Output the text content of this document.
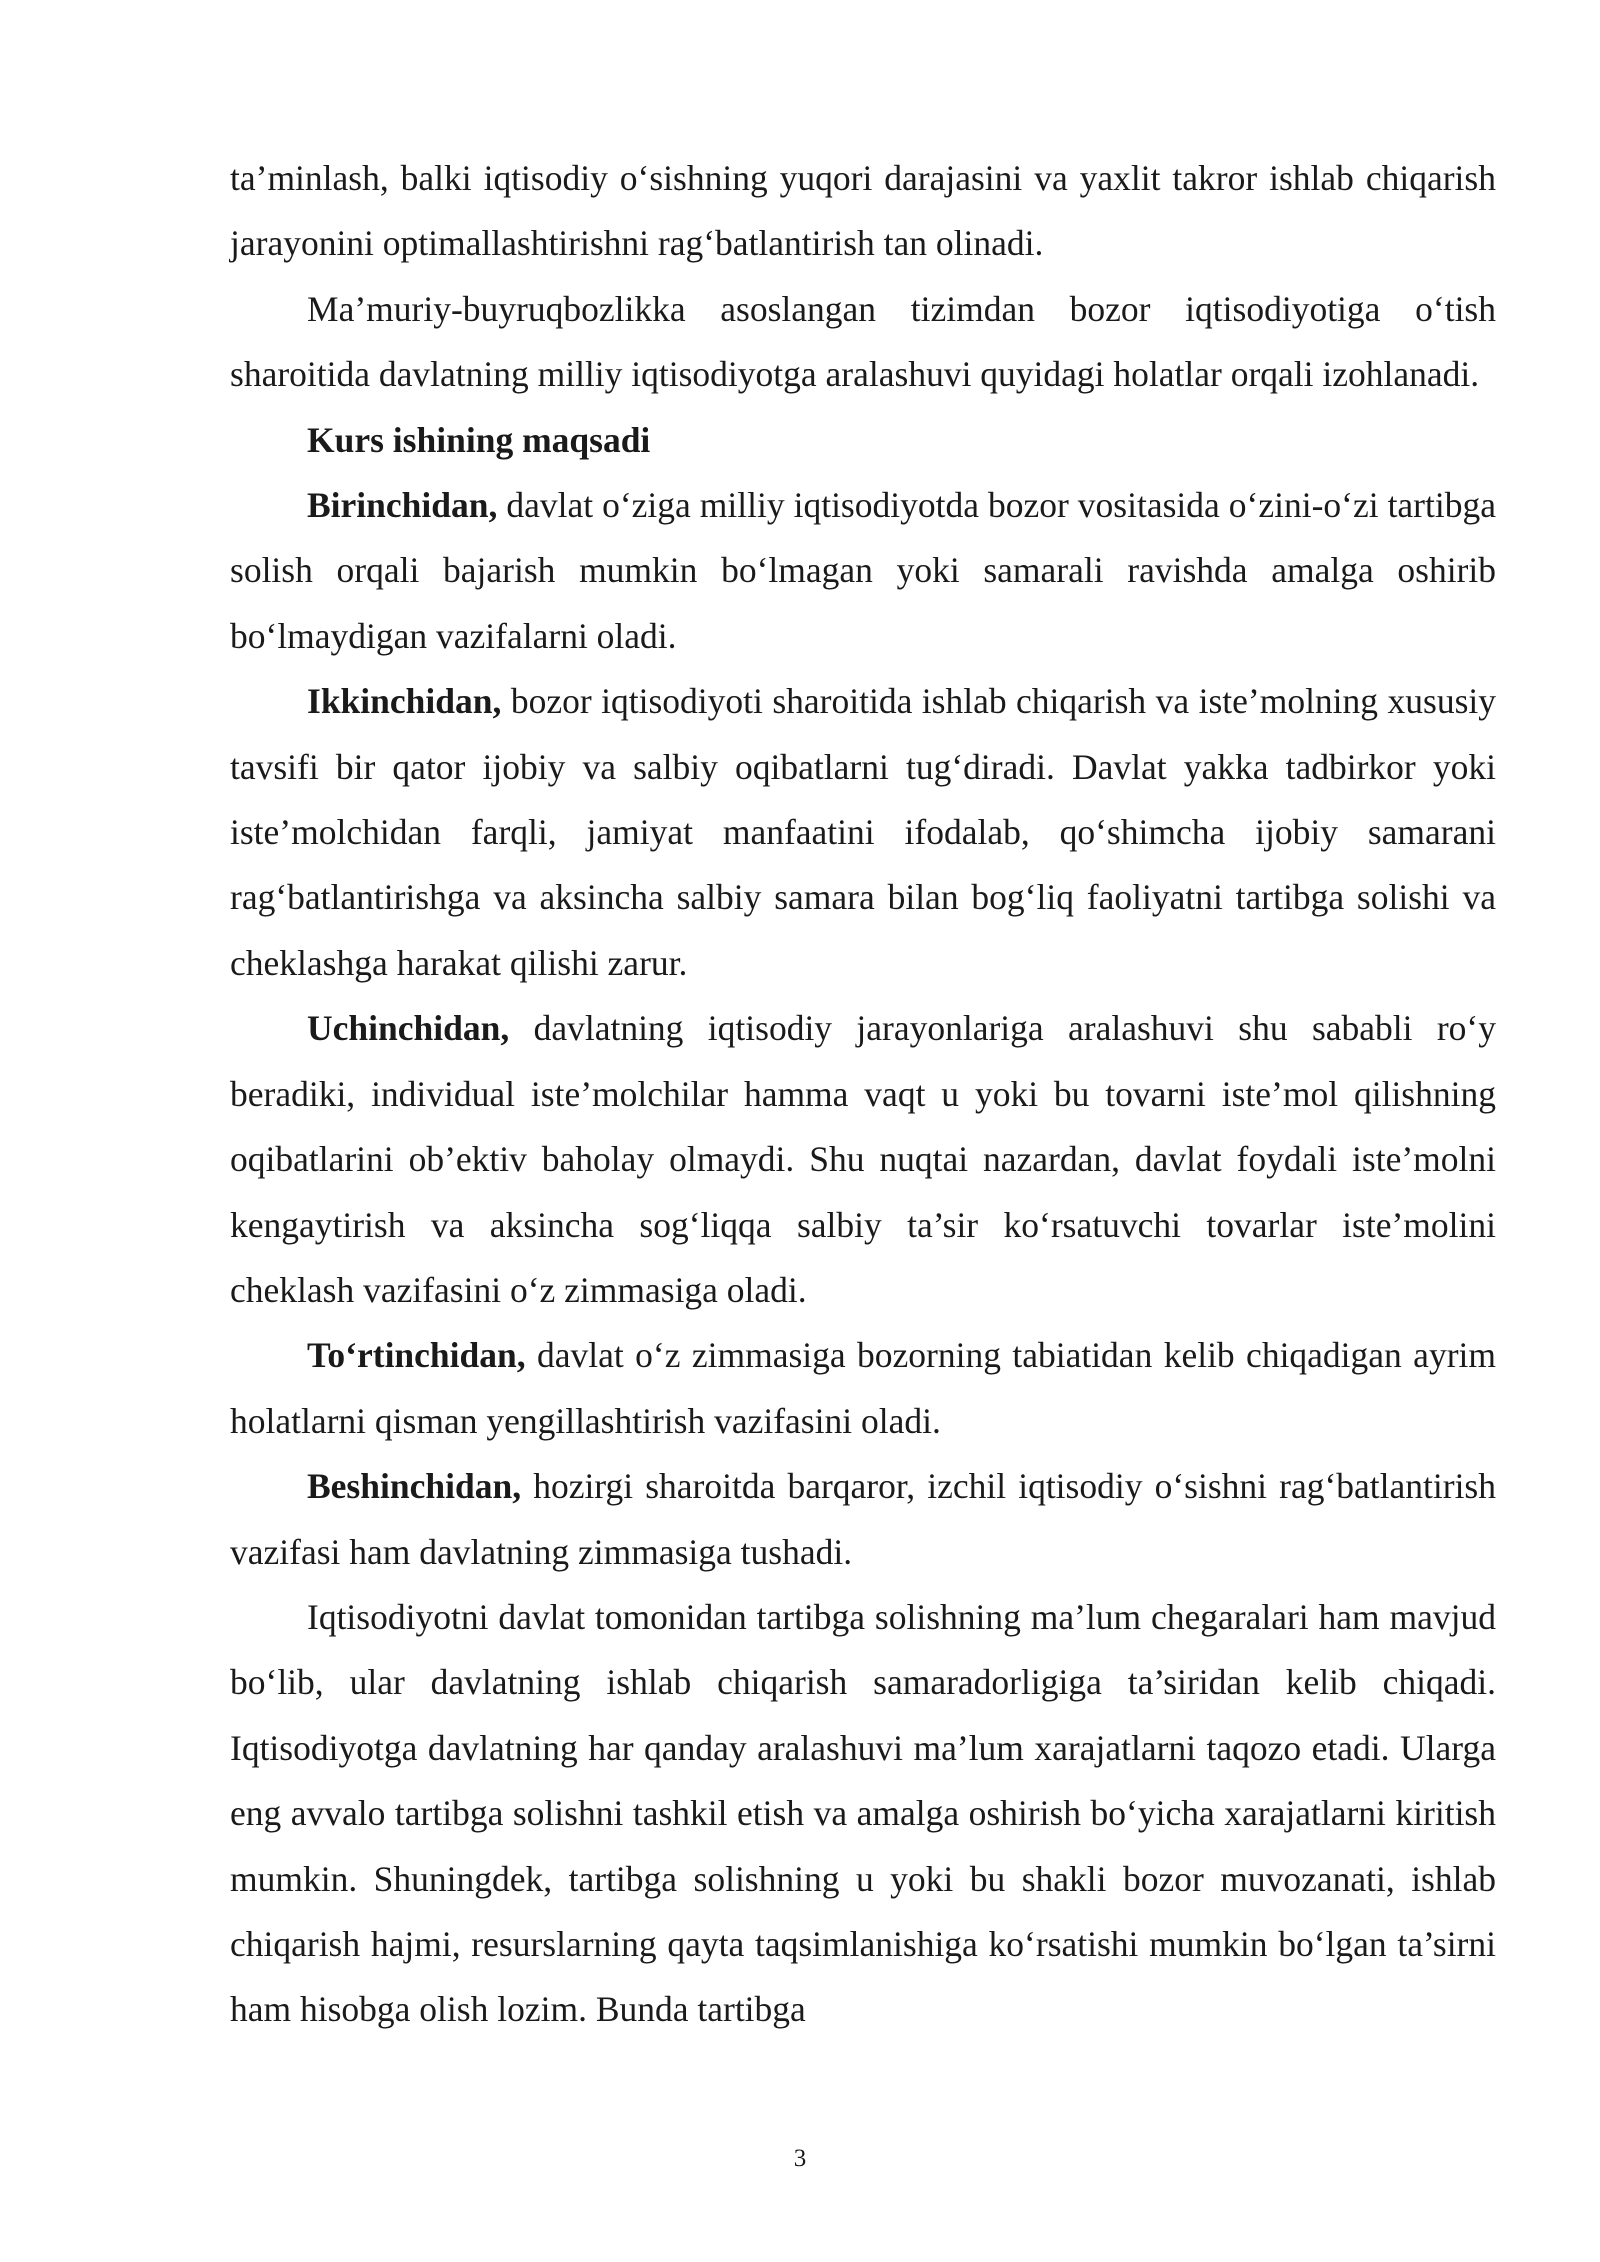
ta’minlash, balki iqtisodiy o‘sishning yuqori darajasini va yaxlit takror ishlab chiqarish jarayonini optimallashtirishni rag‘batlantirish tan olinadi.

Ma’muriy-buyruqbozlikka asoslangan tizimdan bozor iqtisodiyotiga o‘tish sharoitida davlatning milliy iqtisodiyotga aralashuvi quyidagi holatlar orqali izohlanadi.

Kurs ishining maqsadi

Birinchidan, davlat o‘ziga milliy iqtisodiyotda bozor vositasida o‘zini-o‘zi tartibga solish orqali bajarish mumkin bo‘lmagan yoki samarali ravishda amalga oshirib bo‘lmaydigan vazifalarni oladi.

Ikkinchidan, bozor iqtisodiyoti sharoitida ishlab chiqarish va iste’molning xususiy tavsifi bir qator ijobiy va salbiy oqibatlarni tug‘diradi. Davlat yakka tadbirkor yoki iste’molchidan farqli, jamiyat manfaatini ifodalab, qo‘shimcha ijobiy samarani rag‘batlantirishga va aksincha salbiy samara bilan bog‘liq faoliyatni tartibga solishi va cheklashga harakat qilishi zarur.

Uchinchidan, davlatning iqtisodiy jarayonlariga aralashuvi shu sababli ro‘y beradiki, individual iste’molchilar hamma vaqt u yoki bu tovarni iste’mol qilishning oqibatlarini ob’ektiv baholay olmaydi. Shu nuqtai nazardan, davlat foydali iste’molni kengaytirish va aksincha sog‘liqqa salbiy ta’sir ko‘rsatuvchi tovarlar iste’molini cheklash vazifasini o‘z zimmasiga oladi.

To‘rtinchidan, davlat o‘z zimmasiga bozorning tabiatidan kelib chiqadigan ayrim holatlarni qisman yengillashtirish vazifasini oladi.

Beshinchidan, hozirgi sharoitda barqaror, izchil iqtisodiy o‘sishni rag‘batlantirish vazifasi ham davlatning zimmasiga tushadi.

Iqtisodiyotni davlat tomonidan tartibga solishning ma’lum chegaralari ham mavjud bo‘lib, ular davlatning ishlab chiqarish samaradorligiga ta’siridan kelib chiqadi. Iqtisodiyotga davlatning har qanday aralashuvi ma’lum xarajatlarni taqozo etadi. Ularga eng avvalo tartibga solishni tashkil etish va amalga oshirish bo‘yicha xarajatlarni kiritish mumkin. Shuningdek, tartibga solishning u yoki bu shakli bozor muvozanati, ishlab chiqarish hajmi, resurslarning qayta taqsimlanishiga ko‘rsatishi mumkin bo‘lgan ta’sirni ham hisobga olish lozim. Bunda tartibga

3
